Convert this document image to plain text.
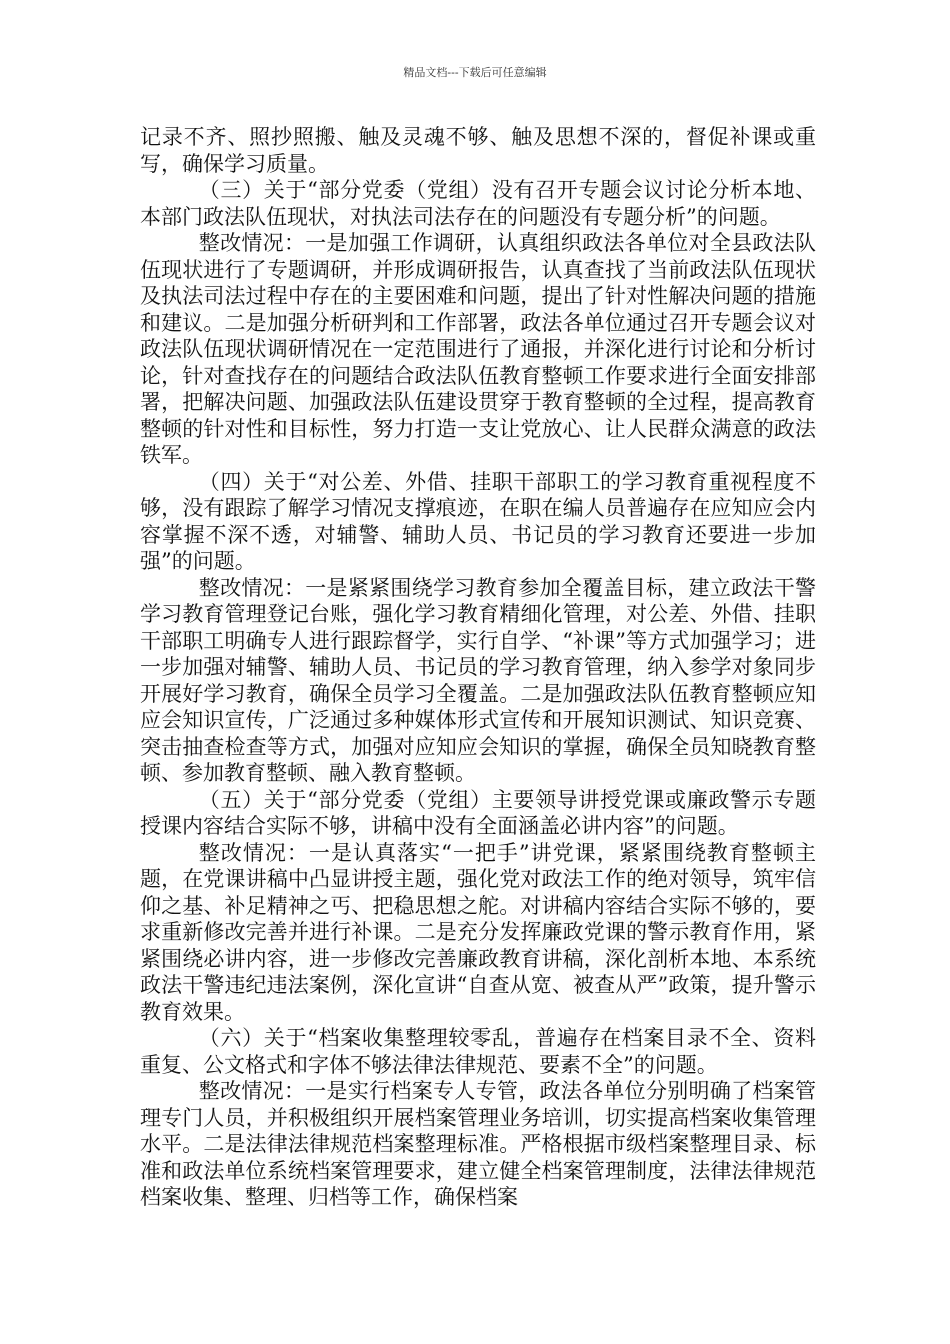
精品文档---下载后可任意编辑

记录不齐、照抄照搬、触及灵魂不够、触及思想不深的，督促补课或重写，确保学习质量。

（三）关于“部分党委（党组）没有召开专题会议讨论分析本地、本部门政法队伍现状，对执法司法存在的问题没有专题分析”的问题。

整改情况：一是加强工作调研，认真组织政法各单位对全县政法队伍现状进行了专题调研，并形成调研报告，认真查找了当前政法队伍现状及执法司法过程中存在的主要困难和问题，提出了针对性解决问题的措施和建议。二是加强分析研判和工作部署，政法各单位通过召开专题会议对政法队伍现状调研情况在一定范围进行了通报，并深化进行讨论和分析讨论，针对查找存在的问题结合政法队伍教育整顿工作要求进行全面安排部署，把解决问题、加强政法队伍建设贯穿于教育整顿的全过程，提高教育整顿的针对性和目标性，努力打造一支让党放心、让人民群众满意的政法铁军。

（四）关于“对公差、外借、挂职干部职工的学习教育重视程度不够，没有跟踪了解学习情况支撑痕迹，在职在编人员普遍存在应知应会内容掌握不深不透，对辅警、辅助人员、书记员的学习教育还要进一步加强”的问题。

整改情况：一是紧紧围绕学习教育参加全覆盖目标，建立政法干警学习教育管理登记台账，强化学习教育精细化管理，对公差、外借、挂职干部职工明确专人进行跟踪督学，实行自学、“补课”等方式加强学习；进一步加强对辅警、辅助人员、书记员的学习教育管理，纳入参学对象同步开展好学习教育，确保全员学习全覆盖。二是加强政法队伍教育整顿应知应会知识宣传，广泛通过多种媒体形式宣传和开展知识测试、知识竞赛、突击抽查检查等方式，加强对应知应会知识的掌握，确保全员知晓教育整顿、参加教育整顿、融入教育整顿。

（五）关于“部分党委（党组）主要领导讲授党课或廉政警示专题授课内容结合实际不够，讲稿中没有全面涵盖必讲内容”的问题。

整改情况：一是认真落实“一把手”讲党课，紧紧围绕教育整顿主题，在党课讲稿中凸显讲授主题，强化党对政法工作的绝对领导，筑牢信仰之基、补足精神之丐、把稳思想之舵。对讲稿内容结合实际不够的，要求重新修改完善并进行补课。二是充分发挥廉政党课的警示教育作用，紧紧围绕必讲内容，进一步修改完善廉政教育讲稿，深化剖析本地、本系统政法干警违纪违法案例，深化宣讲“自查从宽、被查从严”政策，提升警示教育效果。

（六）关于“档案收集整理较零乱，普遍存在档案目录不全、资料重复、公文格式和字体不够法律法律规范、要素不全”的问题。

整改情况：一是实行档案专人专管，政法各单位分别明确了档案管理专门人员，并积极组织开展档案管理业务培训，切实提高档案收集管理水平。二是法律法律规范档案整理标准。严格根据市级档案整理目录、标准和政法单位系统档案管理要求，建立健全档案管理制度，法律法律规范档案收集、整理、归档等工作，确保档案
